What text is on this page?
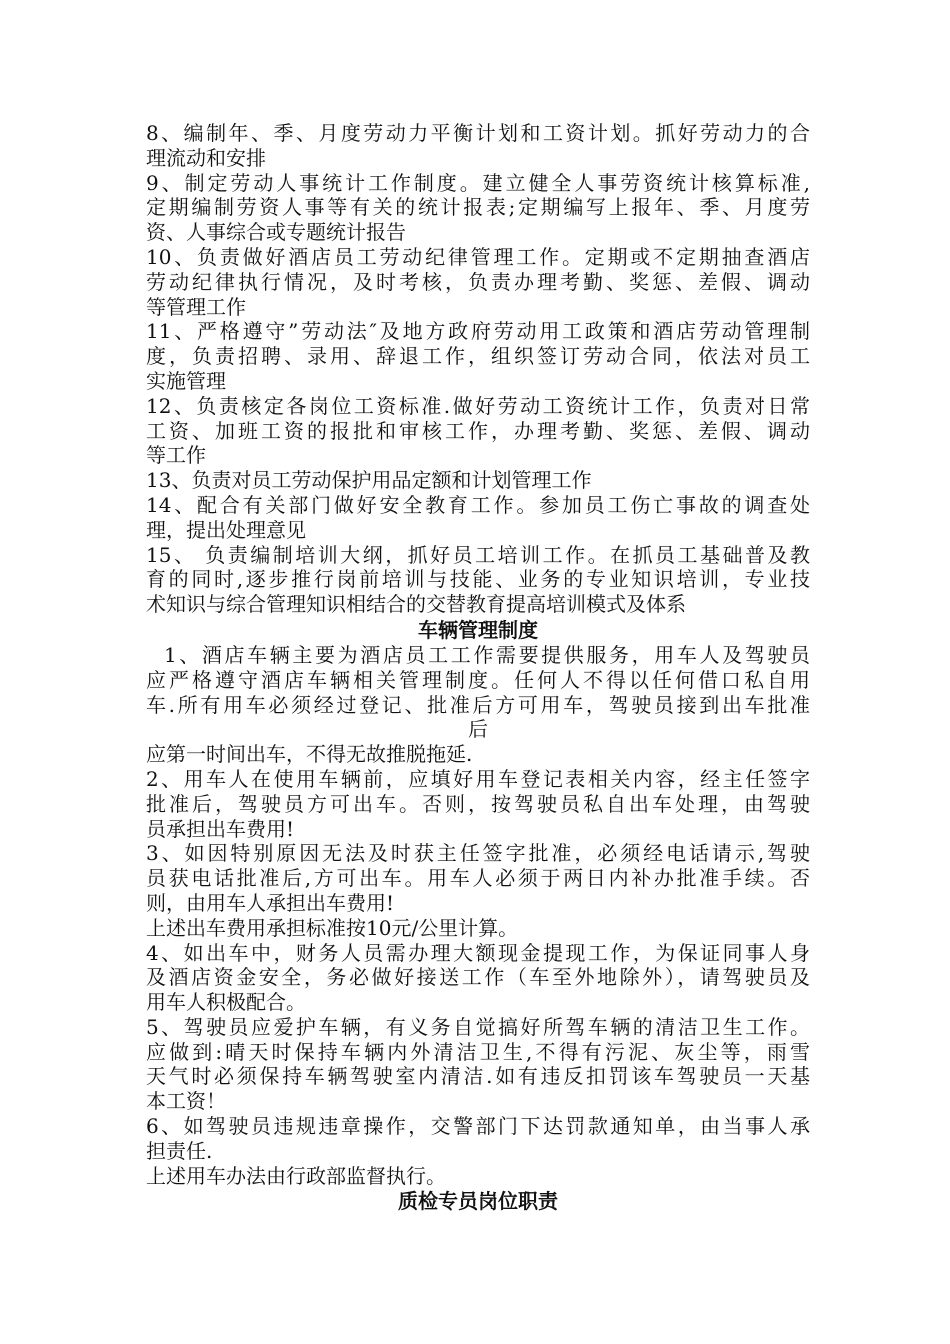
8、编制年、季、月度劳动力平衡计划和工资计划。抓好劳动力的合
理流动和安排
9、制定劳动人事统计工作制度。建立健全人事劳资统计核算标准,
定期编制劳资人事等有关的统计报表;定期编写上报年、季、月度劳
资、人事综合或专题统计报告
10、负责做好酒店员工劳动纪律管理工作。定期或不定期抽查酒店
劳动纪律执行情况，及时考核，负责办理考勤、奖惩、差假、调动
等管理工作
11、严格遵守”劳动法″及地方政府劳动用工政策和酒店劳动管理制
度，负责招聘、录用、辞退工作，组织签订劳动合同，依法对员工
实施管理
12、负责核定各岗位工资标准.做好劳动工资统计工作，负责对日常
工资、加班工资的报批和审核工作，办理考勤、奖惩、差假、调动
等工作
13、负责对员工劳动保护用品定额和计划管理工作
14、配合有关部门做好安全教育工作。参加员工伤亡事故的调查处
理，提出处理意见
15、 负责编制培训大纲，抓好员工培训工作。在抓员工基础普及教
育的同时,逐步推行岗前培训与技能、业务的专业知识培训，专业技
术知识与综合管理知识相结合的交替教育提高培训模式及体系
车辆管理制度
1、酒店车辆主要为酒店员工工作需要提供服务，用车人及驾驶员
应严格遵守酒店车辆相关管理制度。任何人不得以任何借口私自用
车.所有用车必须经过登记、批准后方可用车，驾驶员接到出车批准
后
应第一时间出车，不得无故推脱拖延.
2、用车人在使用车辆前，应填好用车登记表相关内容，经主任签字
批准后，驾驶员方可出车。否则，按驾驶员私自出车处理，由驾驶
员承担出车费用!
3、如因特别原因无法及时获主任签字批准，必须经电话请示,驾驶
员获电话批准后,方可出车。用车人必须于两日内补办批准手续。否
则，由用车人承担出车费用!
上述出车费用承担标准按10元/公里计算。
4、如出车中，财务人员需办理大额现金提现工作，为保证同事人身
及酒店资金安全，务必做好接送工作（车至外地除外），请驾驶员及
用车人积极配合。
5、驾驶员应爱护车辆，有义务自觉搞好所驾车辆的清洁卫生工作。
应做到:晴天时保持车辆内外清洁卫生,不得有污泥、灰尘等，雨雪
天气时必须保持车辆驾驶室内清洁.如有违反扣罚该车驾驶员一天基
本工资！
6、如驾驶员违规违章操作，交警部门下达罚款通知单，由当事人承
担责任.
上述用车办法由行政部监督执行。
质检专员岗位职责
